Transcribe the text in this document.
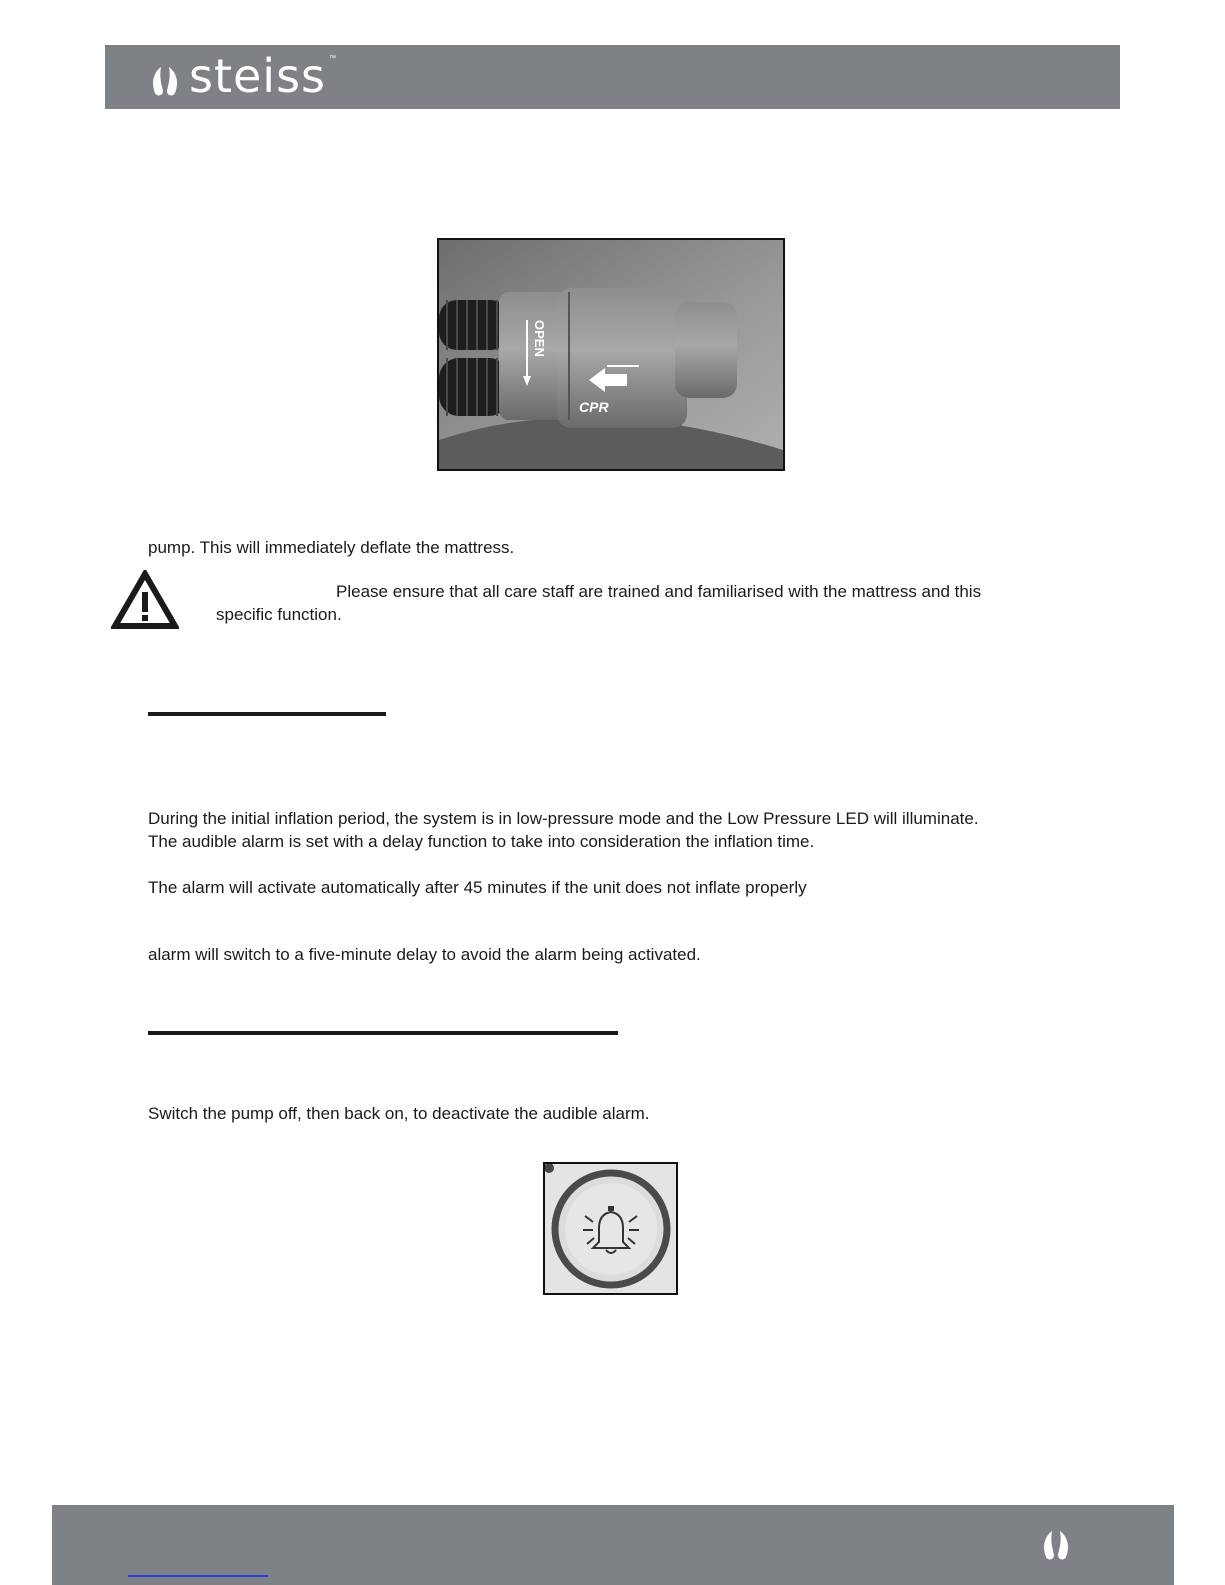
steiss ™
OPEN
CPR
pump. This will immediately deflate the mattress.
Please ensure that all care staff are trained and familiarised with the mattress and this
specific function.
During the initial inflation period, the system is in low-pressure mode and the Low Pressure LED will illuminate.
The audible alarm is set with a delay function to take into consideration the inflation time.
The alarm will activate automatically after 45 minutes if the unit does not inflate properly
alarm will switch to a five-minute delay to avoid the alarm being activated.
Switch the pump off, then back on, to deactivate the audible alarm.
